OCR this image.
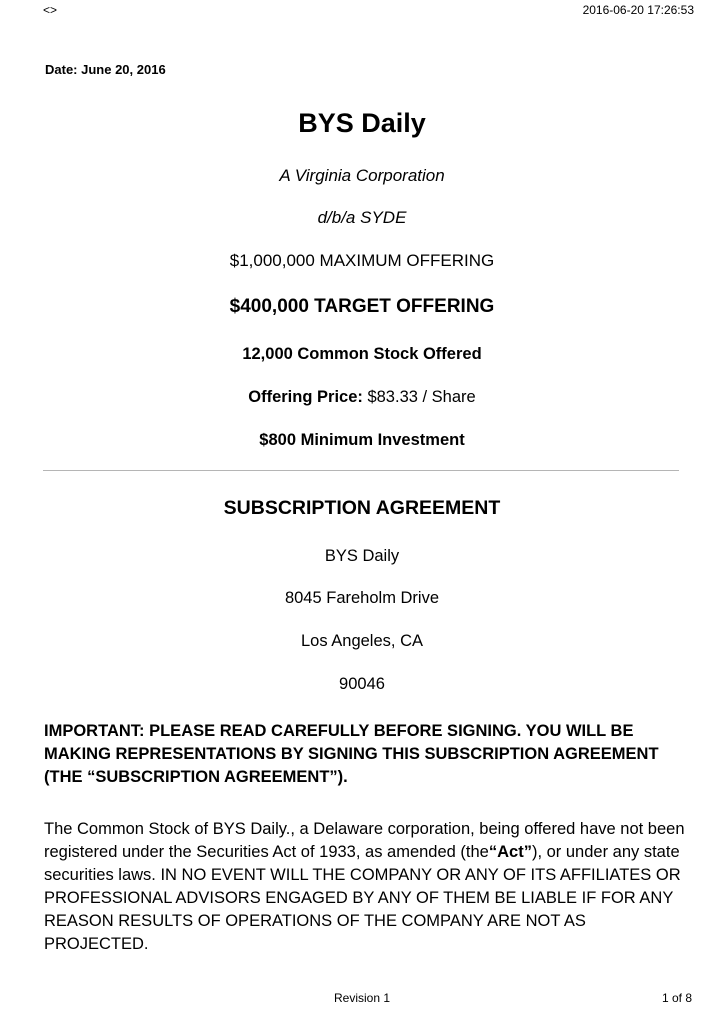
<>	2016-06-20 17:26:53
Date: June 20, 2016
BYS Daily
A Virginia Corporation
d/b/a SYDE
$1,000,000 MAXIMUM OFFERING
$400,000 TARGET OFFERING
12,000 Common Stock Offered
Offering Price: $83.33 / Share
$800 Minimum Investment
SUBSCRIPTION AGREEMENT
BYS Daily
8045 Fareholm Drive
Los Angeles, CA
90046
IMPORTANT: PLEASE READ CAREFULLY BEFORE SIGNING. YOU WILL BE MAKING REPRESENTATIONS BY SIGNING THIS SUBSCRIPTION AGREEMENT (THE “SUBSCRIPTION AGREEMENT”).
The Common Stock of BYS Daily., a Delaware corporation, being offered have not been registered under the Securities Act of 1933, as amended (the“Act”), or under any state securities laws. IN NO EVENT WILL THE COMPANY OR ANY OF ITS AFFILIATES OR PROFESSIONAL ADVISORS ENGAGED BY ANY OF THEM BE LIABLE IF FOR ANY REASON RESULTS OF OPERATIONS OF THE COMPANY ARE NOT AS PROJECTED.
Revision 1	1 of 8
